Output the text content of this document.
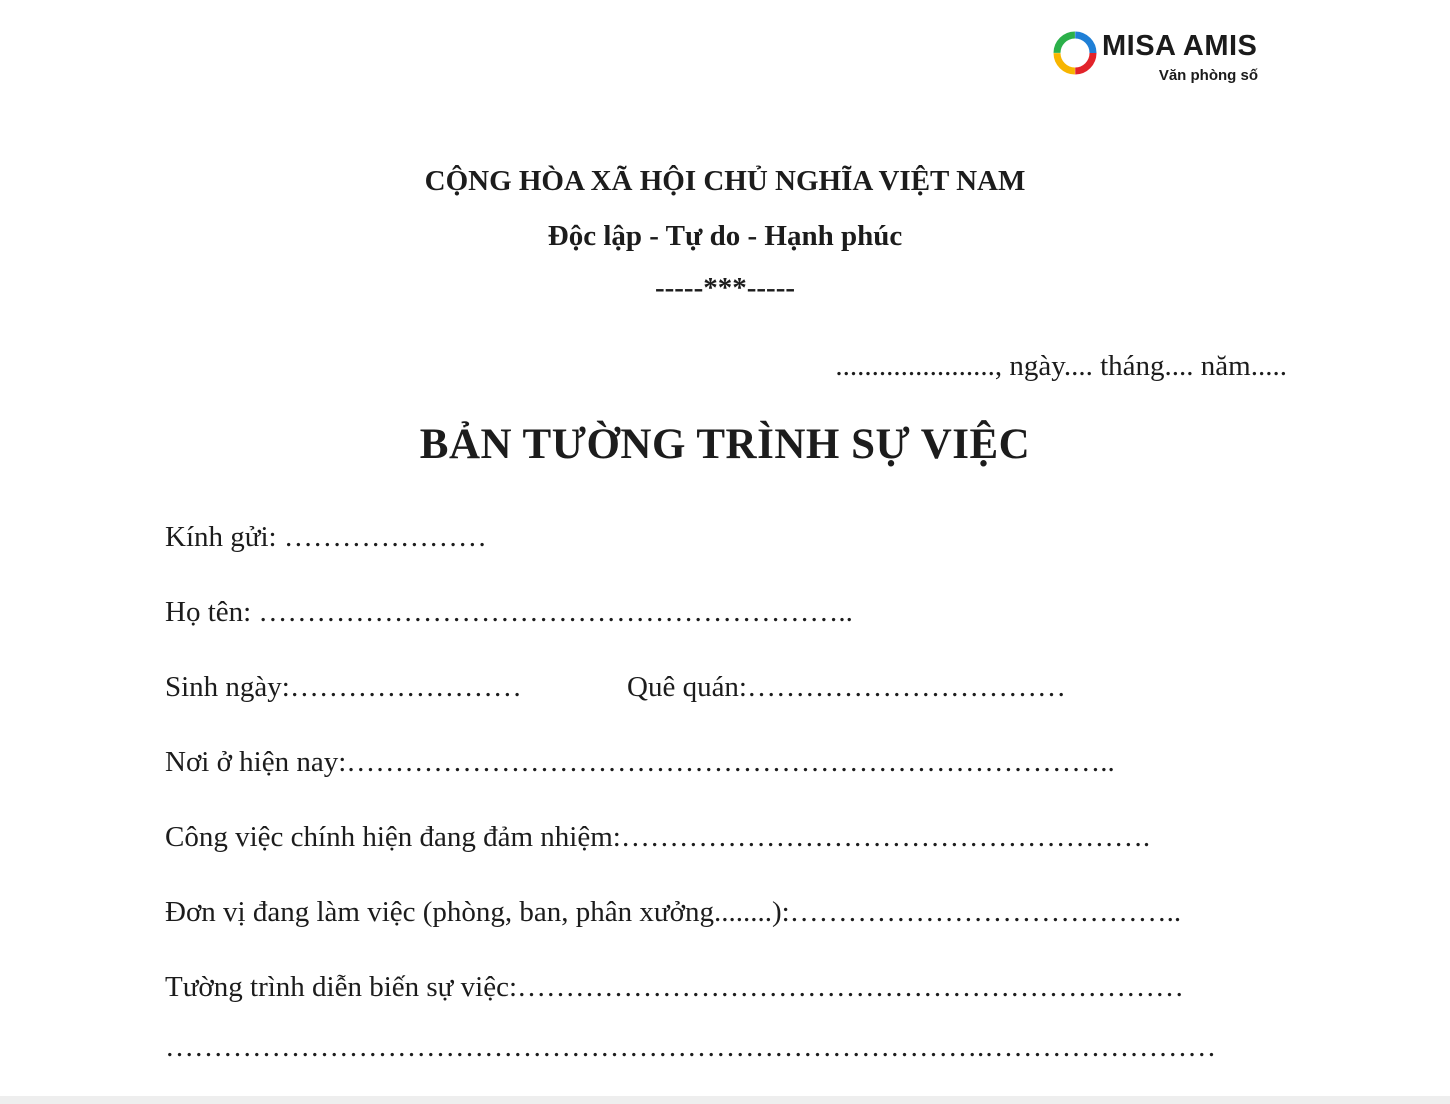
MISA AMIS
Văn phòng số
CỘNG HÒA XÃ HỘI CHỦ NGHĨA VIỆT NAM
Độc lập - Tự do - Hạnh phúc
-----***-----
......................, ngày.... tháng.... năm.....
BẢN TƯỜNG TRÌNH SỰ VIỆC
Kính gửi: …………………
Họ tên: ……………………………………………………..
Sinh ngày:……………………	Quê quán:……………………………
Nơi ở hiện nay:……………………………………………………………………..
Công việc chính hiện đang đảm nhiệm:……………………………………………….
Đơn vị đang làm việc (phòng, ban, phân xưởng........):…………………………………..
Tường trình diễn biến sự việc:……………………………………………………………
………………………………………………………………………….……………………
